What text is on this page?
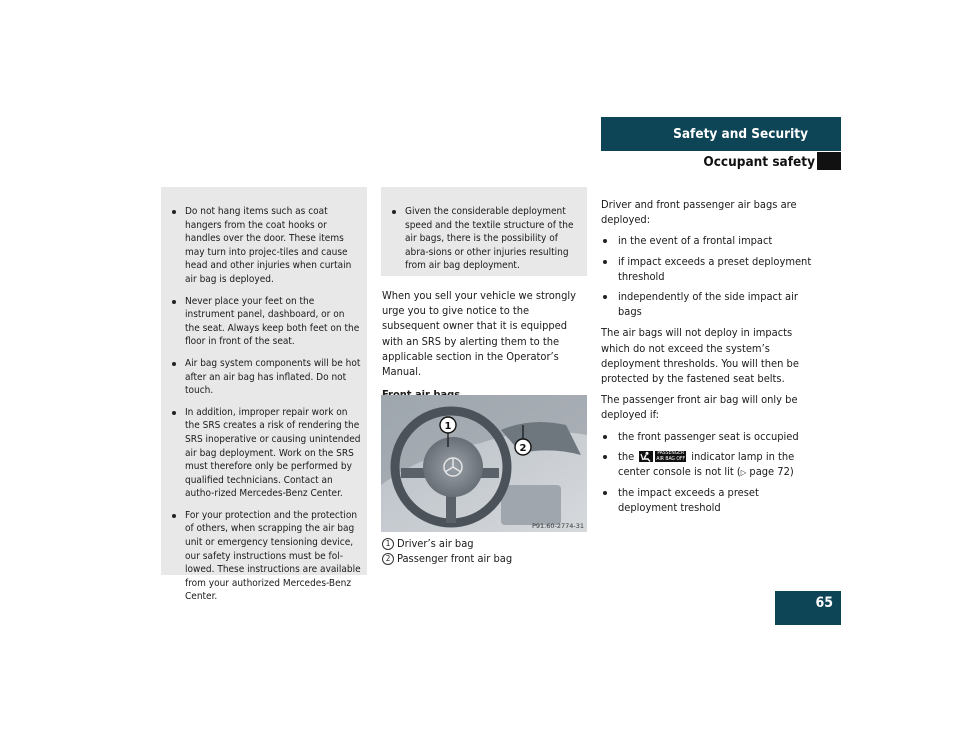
Safety and Security
Occupant safety
Do not hang items such as coat hangers from the coat hooks or handles over the door. These items may turn into projec-tiles and cause head and other injuries when curtain air bag is deployed.
Never place your feet on the instrument panel, dashboard, or on the seat. Always keep both feet on the floor in front of the seat.
Air bag system components will be hot after an air bag has inflated. Do not touch.
In addition, improper repair work on the SRS creates a risk of rendering the SRS inoperative or causing unintended air bag deployment. Work on the SRS must therefore only be performed by qualified technicians. Contact an autho-rized Mercedes-Benz Center.
For your protection and the protection of others, when scrapping the air bag unit or emergency tensioning device, our safety instructions must be fol-lowed. These instructions are available from your authorized Mercedes-Benz Center.
Given the considerable deployment speed and the textile structure of the air bags, there is the possibility of abra-sions or other injuries resulting from air bag deployment.

When you sell your vehicle we strongly urge you to give notice to the subsequent owner that it is equipped with an SRS by alerting them to the applicable section in the Operator’s Manual.

1
2
P91.60-2774-31
1 Driver’s air bag
2 Passenger front air bag

Driver and front passenger air bags are deployed:

in the event of a frontal impact
if impact exceeds a preset deployment threshold
independently of the side impact air bags

The air bags will not deploy in impacts which do not exceed the system’s deployment thresholds. You will then be protected by the fastened seat belts.

The passenger front air bag will only be deployed if:

the front passenger seat is occupied
the	PASSENGER
AIR BAG OFF indicator lamp in the center console is not lit (▷ page 72)
the impact exceeds a preset deployment treshold
65
